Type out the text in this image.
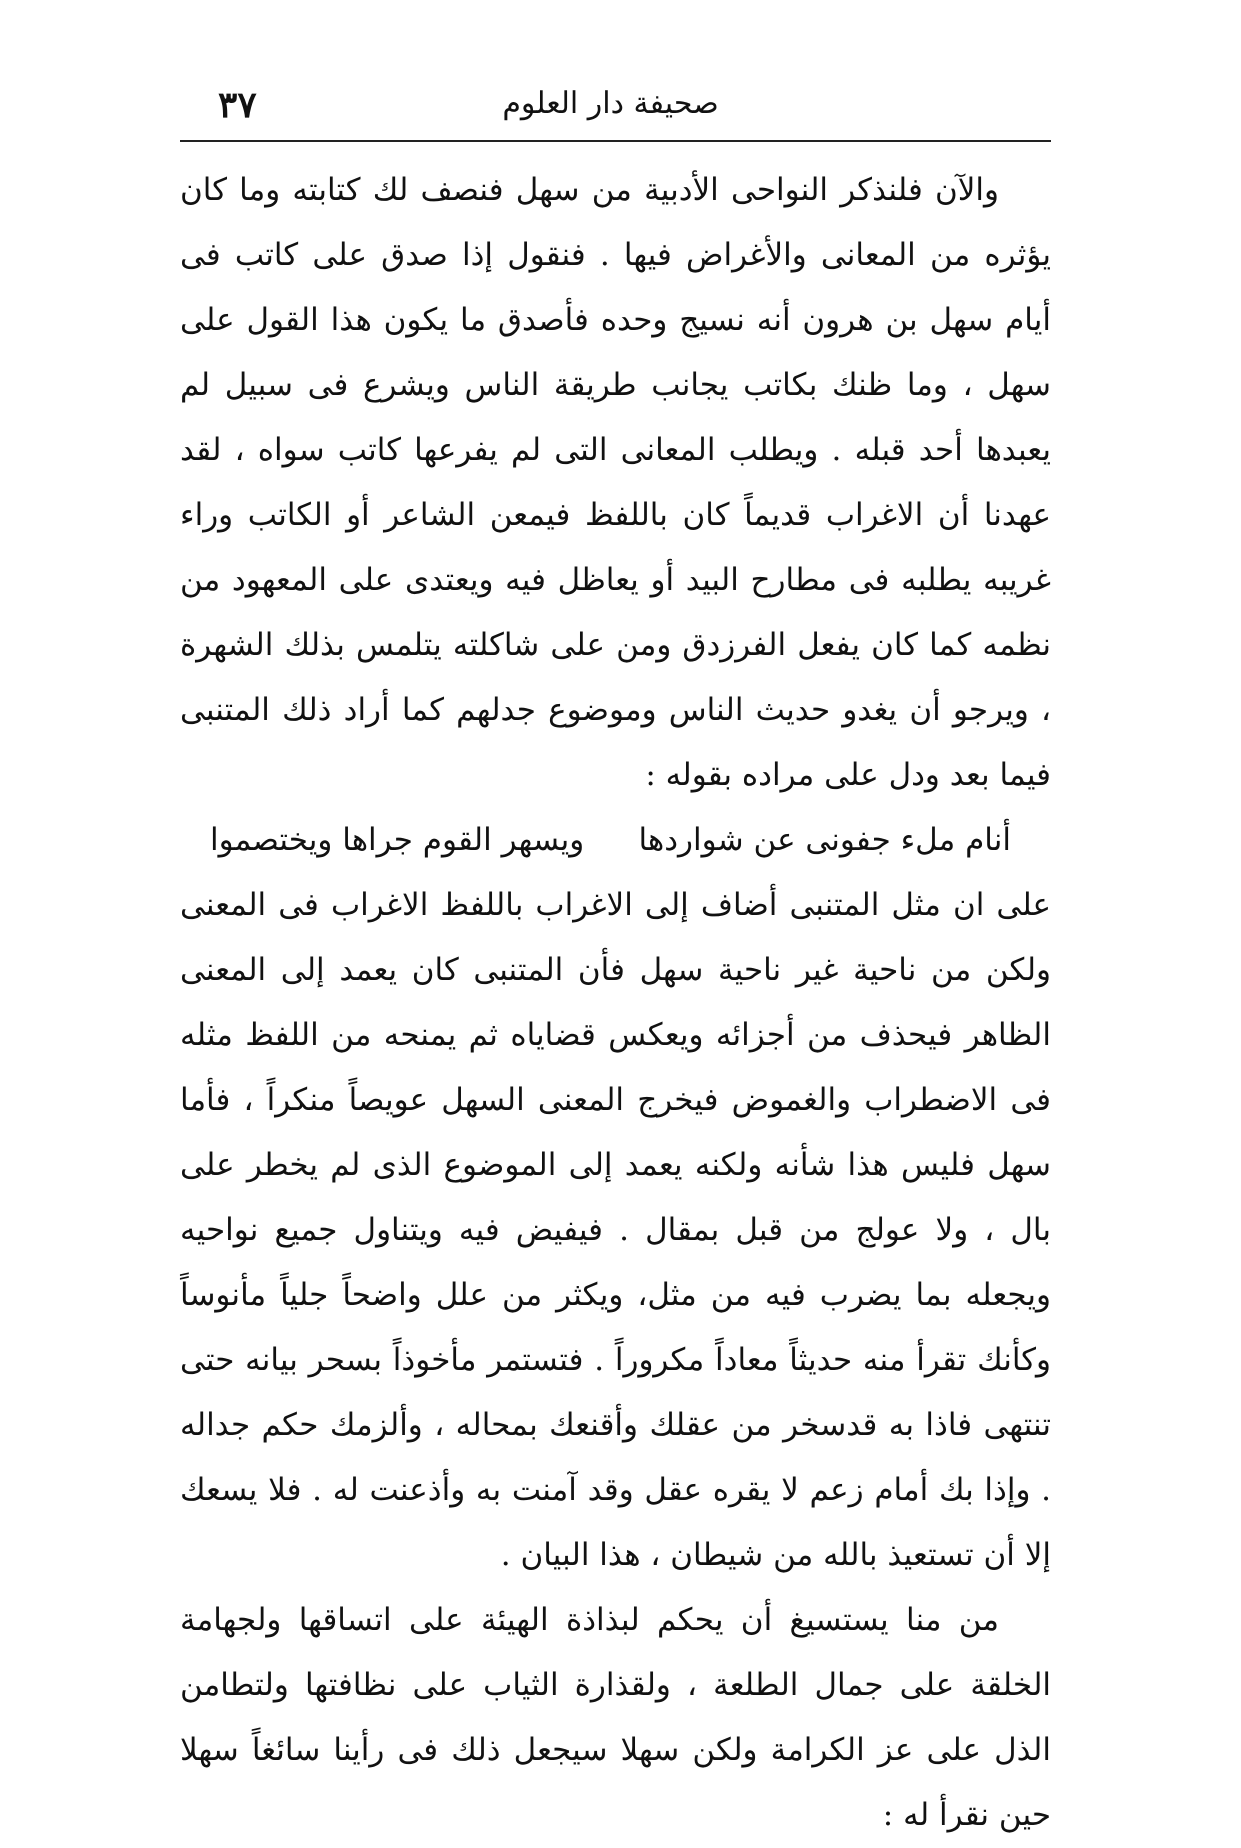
صحيفة دار العلوم
٣٧

والآن فلنذكر النواحى الأدبية من سهل فنصف لك كتابته وما كان يؤثره من المعانى والأغراض فيها . فنقول إذا صدق على كاتب فى أيام سهل بن هرون أنه نسيج وحده فأصدق ما يكون هذا القول على سهل ، وما ظنك بكاتب يجانب طريقة الناس ويشرع فى سبيل لم يعبدها أحد قبله . ويطلب المعانى التى لم يفرعها كاتب سواه ، لقد عهدنا أن الاغراب قديماً كان باللفظ فيمعن الشاعر أو الكاتب وراء غريبه يطلبه فى مطارح البيد أو يعاظل فيه ويعتدى على المعهود من نظمه كما كان يفعل الفرزدق ومن على شاكلته يتلمس بذلك الشهرة ، ويرجو أن يغدو حديث الناس وموضوع جدلهم كما أراد ذلك المتنبى فيما بعد ودل على مراده بقوله :

أنام ملء جفونى عن شواردها
ويسهر القوم جراها ويختصموا

على ان مثل المتنبى أضاف إلى الاغراب باللفظ الاغراب فى المعنى ولكن من ناحية غير ناحية سهل فأن المتنبى كان يعمد إلى المعنى الظاهر فيحذف من أجزائه ويعكس قضاياه ثم يمنحه من اللفظ مثله فى الاضطراب والغموض فيخرج المعنى السهل عويصاً منكراً ، فأما سهل فليس هذا شأنه ولكنه يعمد إلى الموضوع الذى لم يخطر على بال ، ولا عولج من قبل بمقال . فيفيض فيه ويتناول جميع نواحيه ويجعله بما يضرب فيه من مثل، ويكثر من علل واضحاً جلياً مأنوساً وكأنك تقرأ منه حديثاً معاداً مكروراً . فتستمر مأخوذاً بسحر بيانه حتى تنتهى فاذا به قدسخر من عقلك وأقنعك بمحاله ، وألزمك حكم جداله . وإذا بك أمام زعم لا يقره عقل وقد آمنت به وأذعنت له . فلا يسعك إلا أن تستعيذ بالله من شيطان ، هذا البيان .

من منا يستسيغ أن يحكم لبذاذة الهيئة على اتساقها ولجهامة الخلقة على جمال الطلعة ، ولقذارة الثياب على نظافتها ولتطامن الذل على عز الكرامة ولكن سهلا سيجعل ذلك فى رأينا سائغاً سهلا حين نقرأ له :
